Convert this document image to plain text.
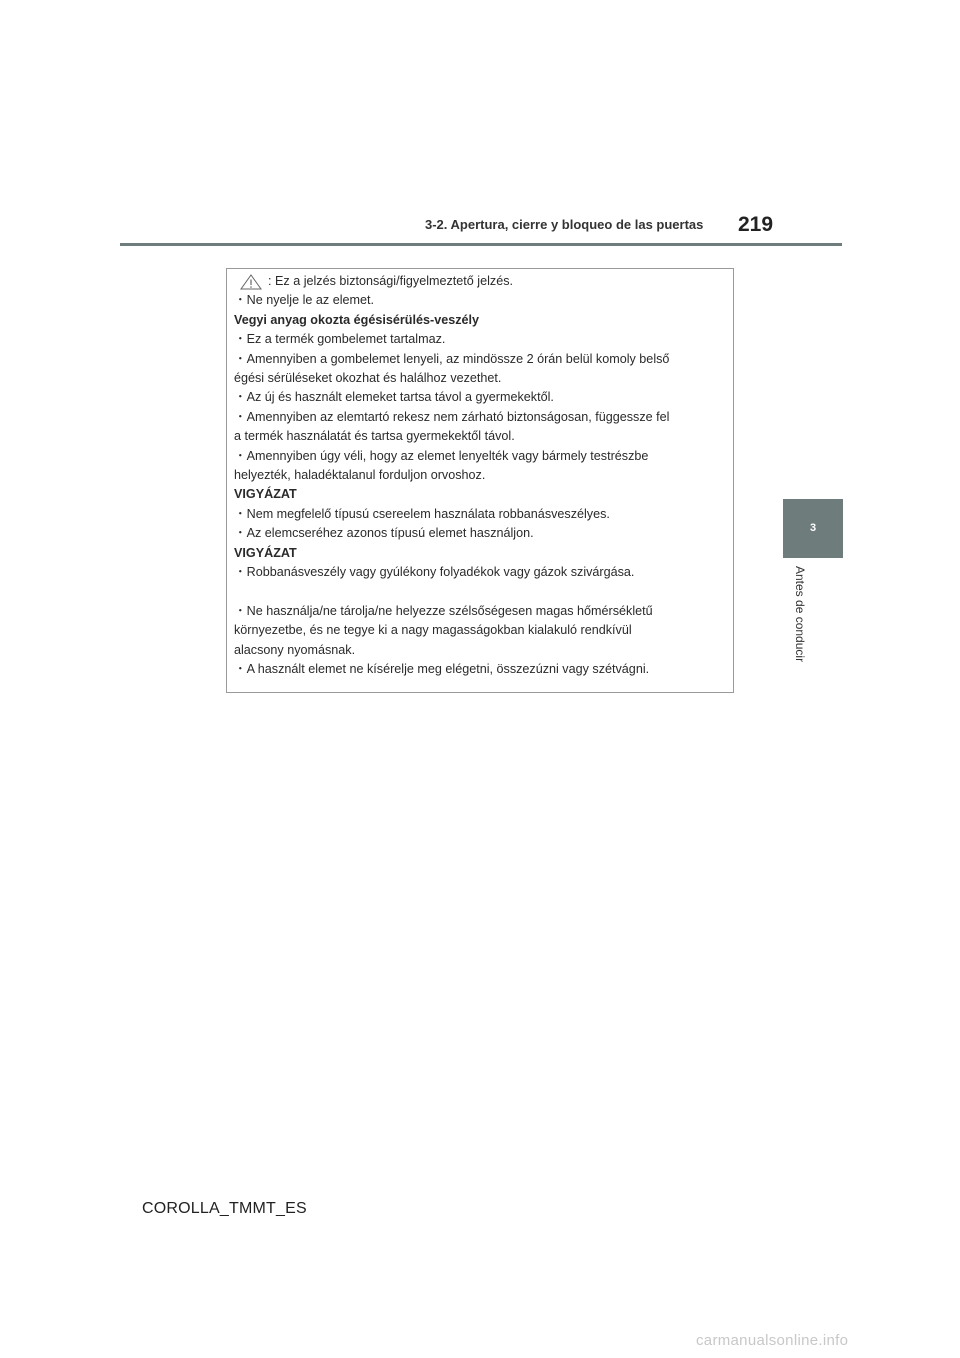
3-2. Apertura, cierre y bloqueo de las puertas 219
3
Antes de conducir

: Ez a jelzés biztonsági/figyelmeztető jelzés.

・Ne nyelje le az elemet.

Vegyi anyag okozta égésisérülés-veszély

・Ez a termék gombelemet tartalmaz.

・Amennyiben a gombelemet lenyeli, az mindössze 2 órán belül komoly belső

égési sérüléseket okozhat és halálhoz vezethet.

・Az új és használt elemeket tartsa távol a gyermekektől.

・Amennyiben az elemtartó rekesz nem zárható biztonságosan, függessze fel

a termék használatát és tartsa gyermekektől távol.

・Amennyiben úgy véli, hogy az elemet lenyelték vagy bármely testrészbe

helyezték, haladéktalanul forduljon orvoshoz.

VIGYÁZAT

・Nem megfelelő típusú csereelem használata robbanásveszélyes.

・Az elemcseréhez azonos típusú elemet használjon.

VIGYÁZAT

・Robbanásveszély vagy gyúlékony folyadékok vagy gázok szivárgása.

・Ne használja/ne tárolja/ne helyezze szélsőségesen magas hőmérsékletű

környezetbe, és ne tegye ki a nagy magasságokban kialakuló rendkívül

alacsony nyomásnak.

・A használt elemet ne kísérelje meg elégetni, összezúzni vagy szétvágni.

COROLLA_TMMT_ES
carmanualsonline.info
